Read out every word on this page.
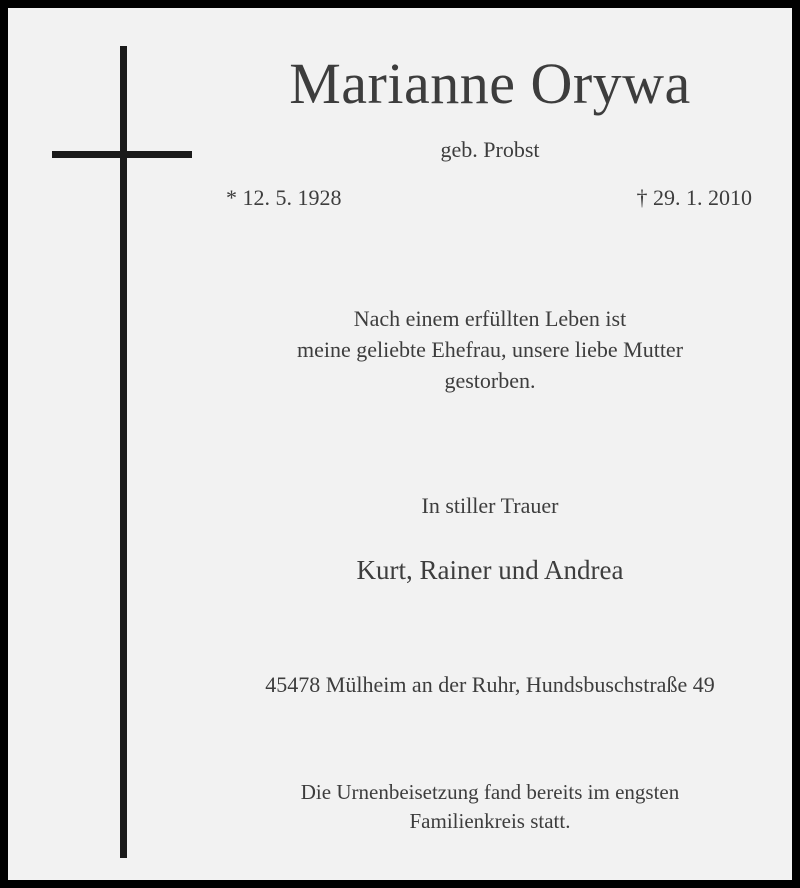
Marianne Orywa
geb. Probst
* 12. 5. 1928	† 29. 1. 2010
Nach einem erfüllten Leben ist
meine geliebte Ehefrau, unsere liebe Mutter
gestorben.
In stiller Trauer
Kurt, Rainer und Andrea
45478 Mülheim an der Ruhr, Hundsbuschstraße 49
Die Urnenbeisetzung fand bereits im engsten
Familienkreis statt.
